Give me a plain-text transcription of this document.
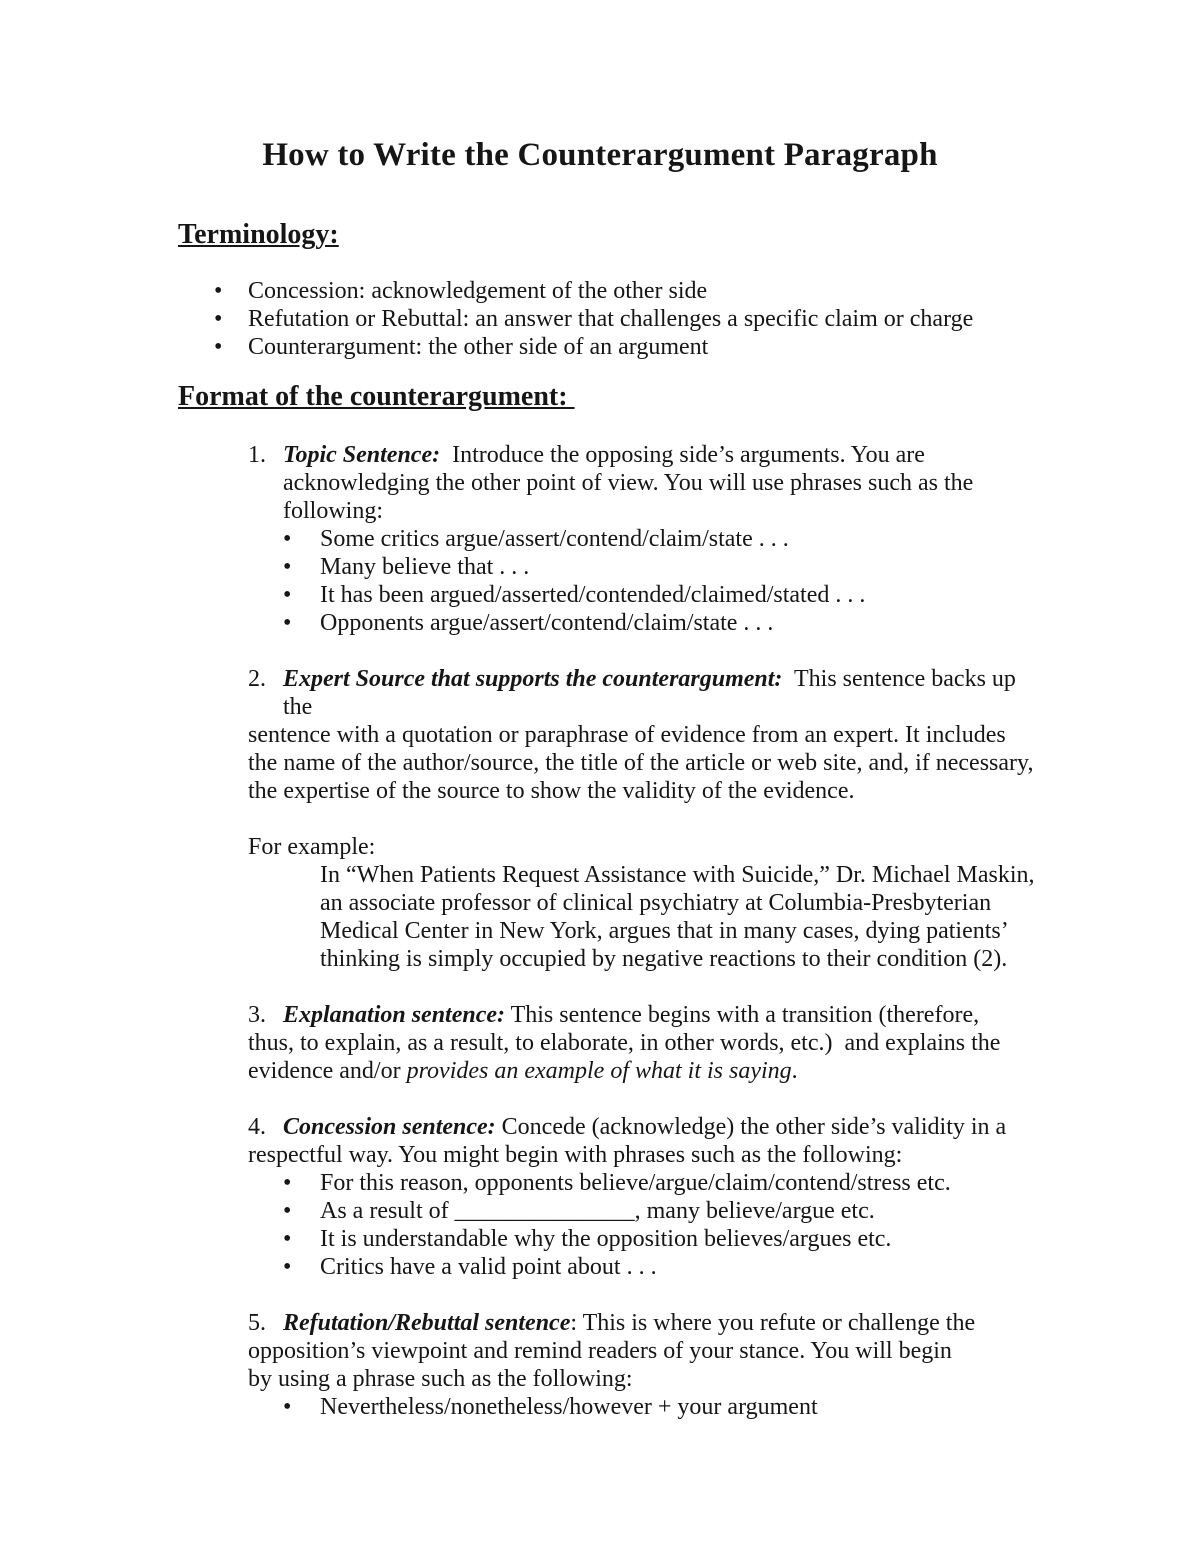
How to Write the Counterargument Paragraph
Terminology:
• Concession: acknowledgement of the other side
• Refutation or Rebuttal: an answer that challenges a specific claim or charge
• Counterargument: the other side of an argument
Format of the counterargument:
1. Topic Sentence:  Introduce the opposing side’s arguments. You are
acknowledging the other point of view. You will use phrases such as the
following:
• Some critics argue/assert/contend/claim/state . . .
• Many believe that . . .
• It has been argued/asserted/contended/claimed/stated . . .
• Opponents argue/assert/contend/claim/state . . .
2. Expert Source that supports the counterargument:  This sentence backs up
the
sentence with a quotation or paraphrase of evidence from an expert. It includes
the name of the author/source, the title of the article or web site, and, if necessary,
the expertise of the source to show the validity of the evidence.
For example:
In “When Patients Request Assistance with Suicide,” Dr. Michael Maskin,
an associate professor of clinical psychiatry at Columbia-Presbyterian
Medical Center in New York, argues that in many cases, dying patients’
thinking is simply occupied by negative reactions to their condition (2).
3. Explanation sentence: This sentence begins with a transition (therefore,
thus, to explain, as a result, to elaborate, in other words, etc.)  and explains the
evidence and/or provides an example of what it is saying.
4. Concession sentence: Concede (acknowledge) the other side’s validity in a
respectful way. You might begin with phrases such as the following:
• For this reason, opponents believe/argue/claim/contend/stress etc.
• As a result of _______________, many believe/argue etc.
• It is understandable why the opposition believes/argues etc.
• Critics have a valid point about . . .
5. Refutation/Rebuttal sentence: This is where you refute or challenge the
opposition’s viewpoint and remind readers of your stance. You will begin
by using a phrase such as the following:
• Nevertheless/nonetheless/however + your argument
